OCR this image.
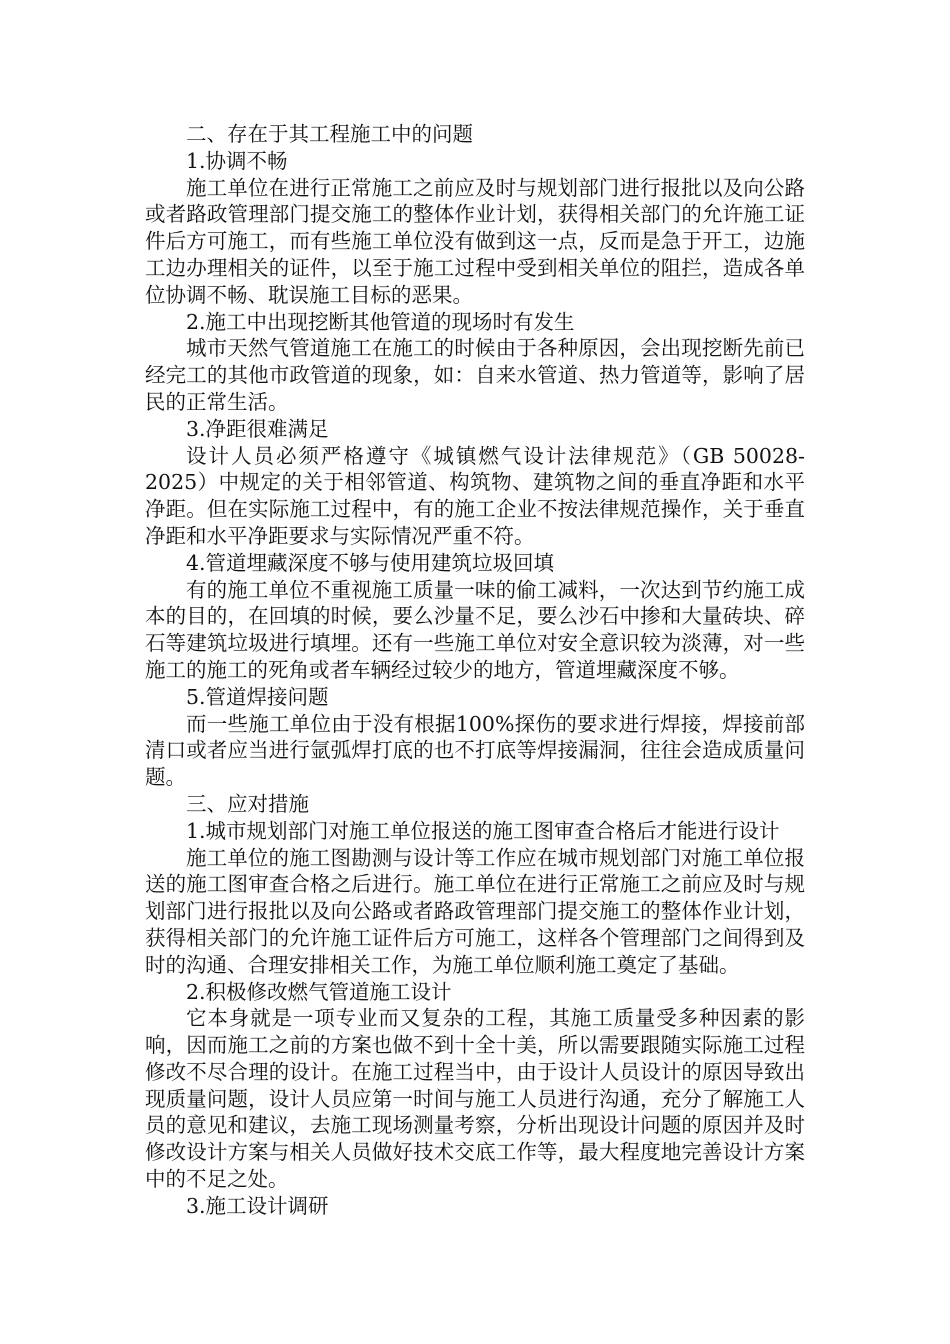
二、存在于其工程施工中的问题

1.协调不畅

施工单位在进行正常施工之前应及时与规划部门进行报批以及向公路或者路政管理部门提交施工的整体作业计划，获得相关部门的允许施工证件后方可施工，而有些施工单位没有做到这一点，反而是急于开工，边施工边办理相关的证件，以至于施工过程中受到相关单位的阻拦，造成各单位协调不畅、耽误施工目标的恶果。

2.施工中出现挖断其他管道的现场时有发生

城市天然气管道施工在施工的时候由于各种原因，会出现挖断先前已经完工的其他市政管道的现象，如：自来水管道、热力管道等，影响了居民的正常生活。

3.净距很难满足

设计人员必须严格遵守《城镇燃气设计法律规范》（GB 50028-2025）中规定的关于相邻管道、构筑物、建筑物之间的垂直净距和水平净距。但在实际施工过程中，有的施工企业不按法律规范操作，关于垂直净距和水平净距要求与实际情况严重不符。

4.管道埋藏深度不够与使用建筑垃圾回填

有的施工单位不重视施工质量一味的偷工减料，一次达到节约施工成本的目的，在回填的时候，要么沙量不足，要么沙石中掺和大量砖块、碎石等建筑垃圾进行填埋。还有一些施工单位对安全意识较为淡薄，对一些施工的施工的死角或者车辆经过较少的地方，管道埋藏深度不够。

5.管道焊接问题

而一些施工单位由于没有根据100%探伤的要求进行焊接，焊接前部清口或者应当进行氩弧焊打底的也不打底等焊接漏洞，往往会造成质量问题。

三、应对措施

1.城市规划部门对施工单位报送的施工图审查合格后才能进行设计

施工单位的施工图勘测与设计等工作应在城市规划部门对施工单位报送的施工图审查合格之后进行。施工单位在进行正常施工之前应及时与规划部门进行报批以及向公路或者路政管理部门提交施工的整体作业计划，获得相关部门的允许施工证件后方可施工，这样各个管理部门之间得到及时的沟通、合理安排相关工作，为施工单位顺利施工奠定了基础。

2.积极修改燃气管道施工设计

它本身就是一项专业而又复杂的工程，其施工质量受多种因素的影响，因而施工之前的方案也做不到十全十美，所以需要跟随实际施工过程修改不尽合理的设计。在施工过程当中，由于设计人员设计的原因导致出现质量问题，设计人员应第一时间与施工人员进行沟通，充分了解施工人员的意见和建议，去施工现场测量考察，分析出现设计问题的原因并及时修改设计方案与相关人员做好技术交底工作等，最大程度地完善设计方案中的不足之处。

3.施工设计调研
